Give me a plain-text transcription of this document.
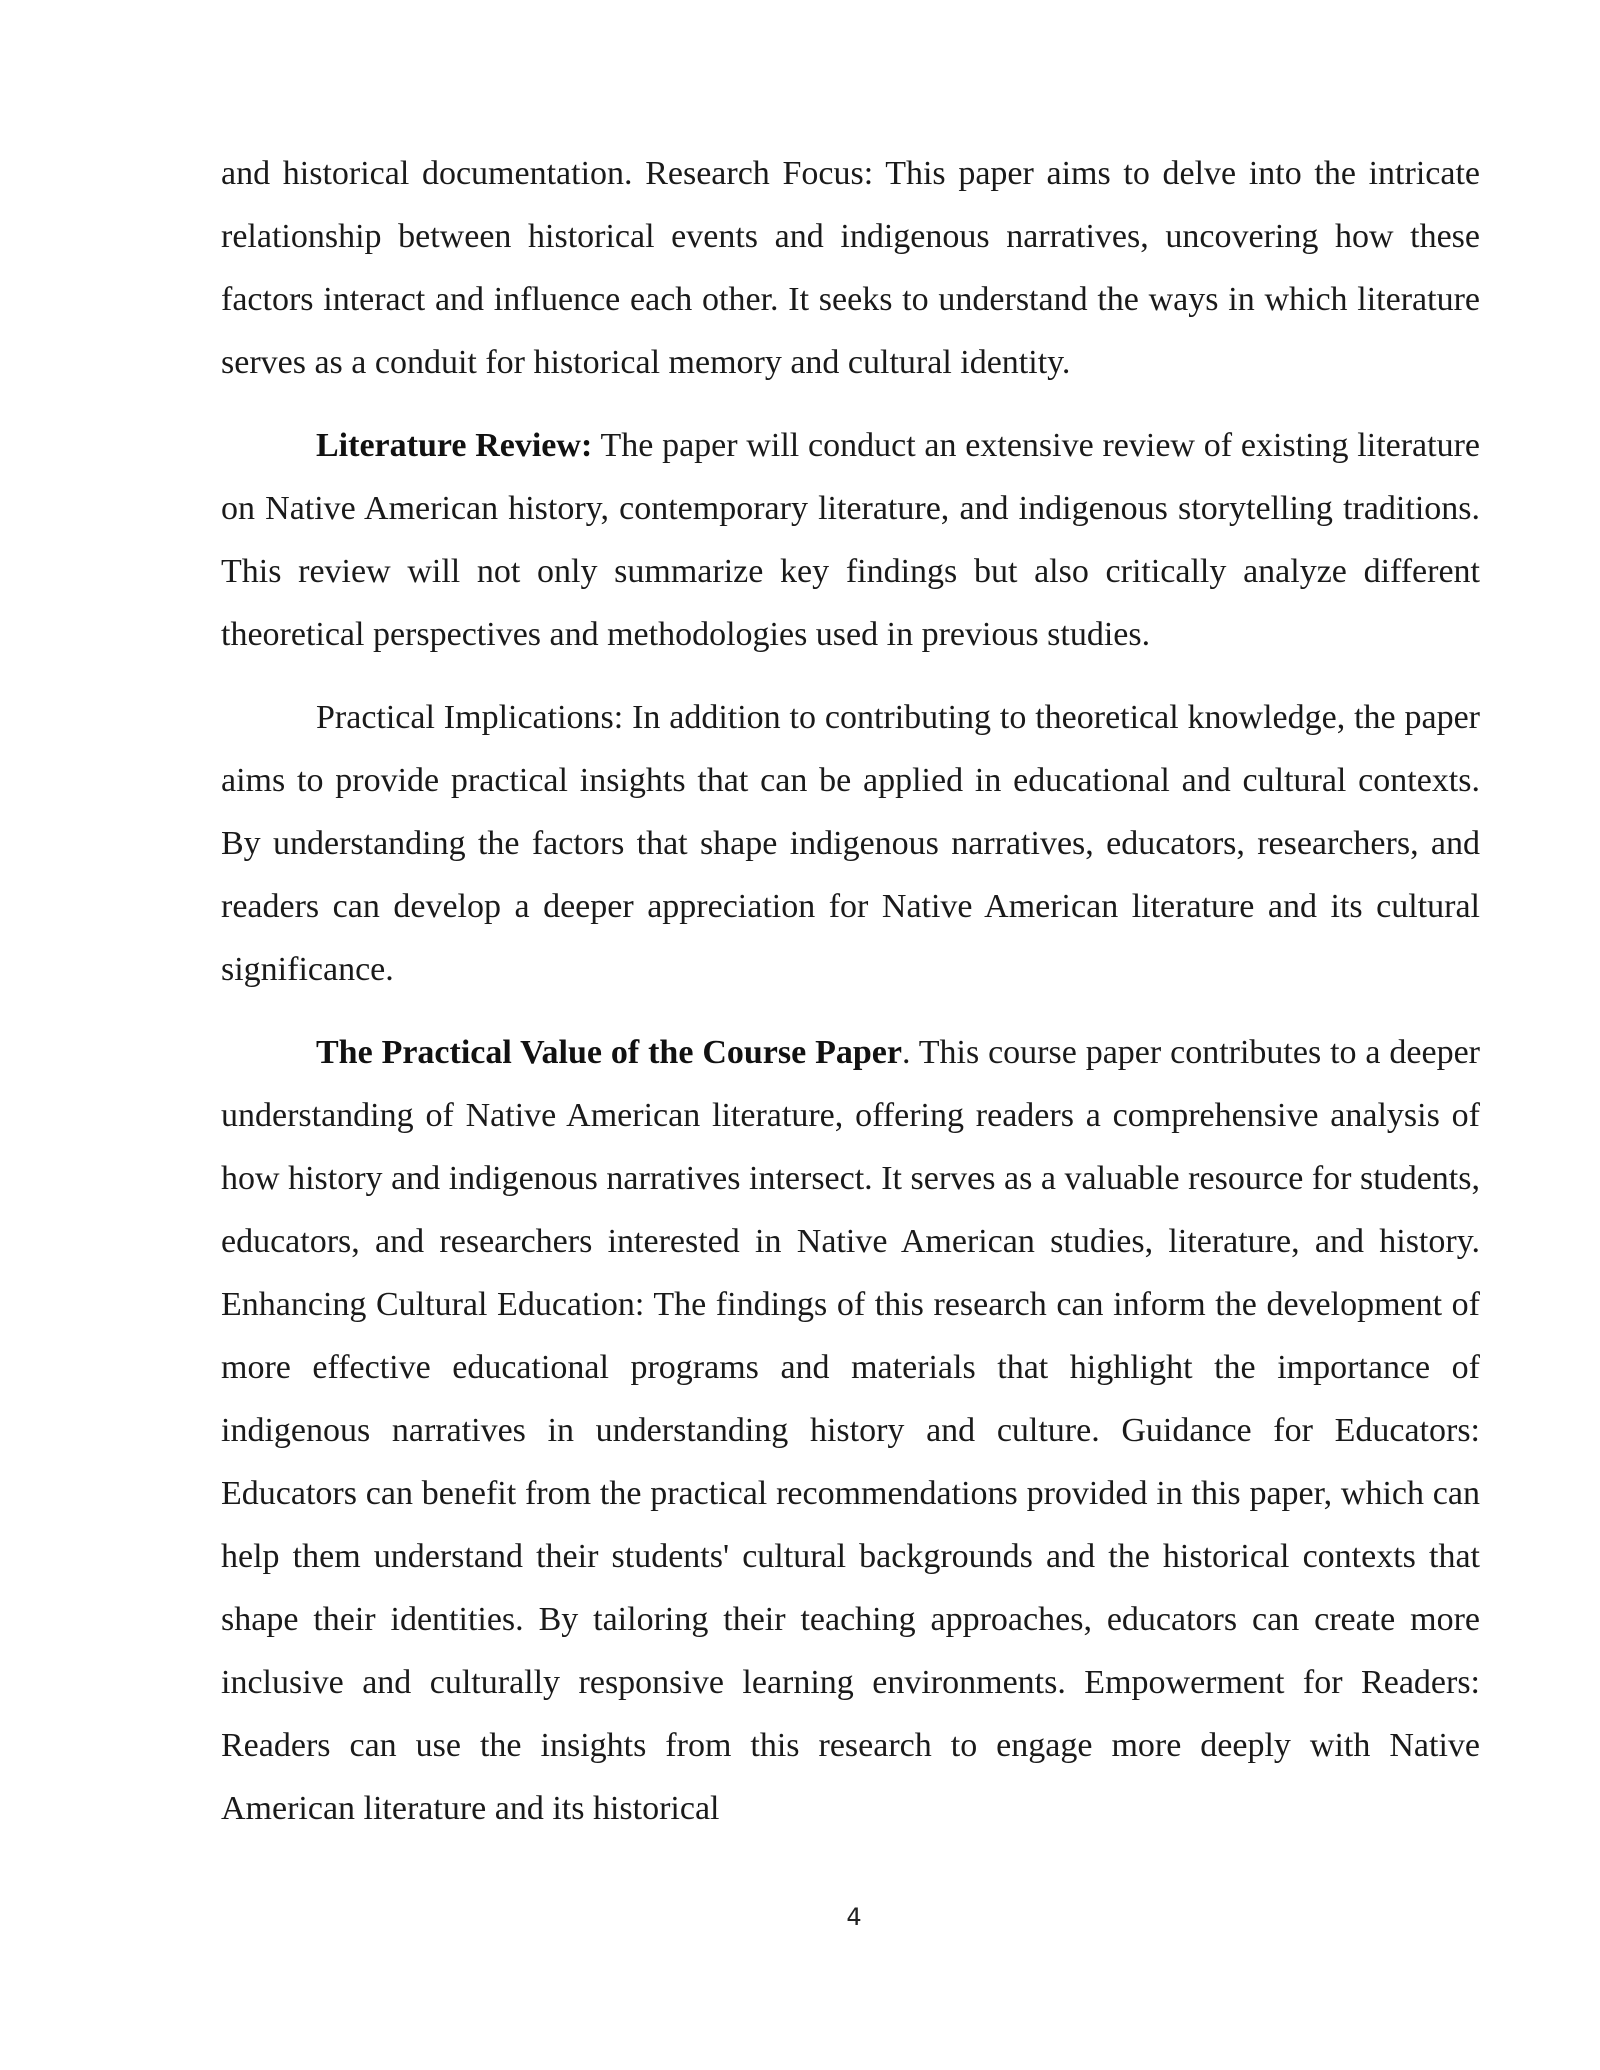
and historical documentation. Research Focus: This paper aims to delve into the intricate relationship between historical events and indigenous narratives, uncovering how these factors interact and influence each other. It seeks to understand the ways in which literature serves as a conduit for historical memory and cultural identity.

Literature Review: The paper will conduct an extensive review of existing literature on Native American history, contemporary literature, and indigenous storytelling traditions. This review will not only summarize key findings but also critically analyze different theoretical perspectives and methodologies used in previous studies.

Practical Implications: In addition to contributing to theoretical knowledge, the paper aims to provide practical insights that can be applied in educational and cultural contexts. By understanding the factors that shape indigenous narratives, educators, researchers, and readers can develop a deeper appreciation for Native American literature and its cultural significance.

The Practical Value of the Course Paper. This course paper contributes to a deeper understanding of Native American literature, offering readers a comprehensive analysis of how history and indigenous narratives intersect. It serves as a valuable resource for students, educators, and researchers interested in Native American studies, literature, and history. Enhancing Cultural Education: The findings of this research can inform the development of more effective educational programs and materials that highlight the importance of indigenous narratives in understanding history and culture. Guidance for Educators: Educators can benefit from the practical recommendations provided in this paper, which can help them understand their students' cultural backgrounds and the historical contexts that shape their identities. By tailoring their teaching approaches, educators can create more inclusive and culturally responsive learning environments. Empowerment for Readers: Readers can use the insights from this research to engage more deeply with Native American literature and its historical

4
